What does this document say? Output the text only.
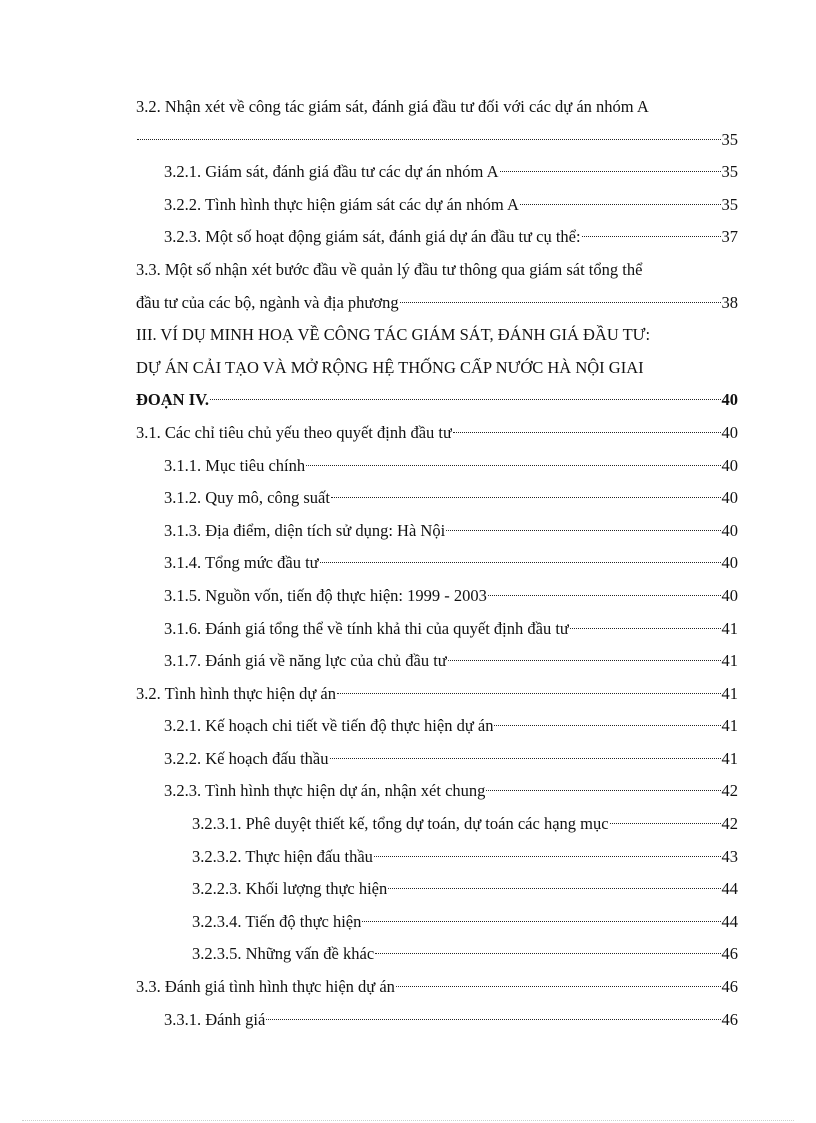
3.2. Nhận xét về công tác giám sát, đánh giá đầu tư đối với các dự án nhóm A
35
3.2.1. Giám sát, đánh giá đầu tư các dự án nhóm A	35
3.2.2. Tình hình thực hiện giám sát các dự án nhóm A	35
3.2.3. Một số hoạt động giám sát, đánh giá dự án đầu tư cụ thể:	37
3.3. Một số nhận xét bước đầu về quản lý đầu tư thông qua giám sát tổng thể
đầu tư của các bộ, ngành và địa phương	38
III. VÍ DỤ MINH HOẠ VỀ CÔNG TÁC GIÁM SÁT, ĐÁNH GIÁ ĐẦU TƯ:
DỰ ÁN CẢI TẠO VÀ MỞ RỘNG HỆ THỐNG CẤP NƯỚC HÀ NỘI GIAI
ĐOẠN IV.	40
3.1. Các chỉ tiêu chủ yếu theo quyết định đầu tư	40
3.1.1. Mục tiêu chính	40
3.1.2. Quy mô, công suất	40
3.1.3. Địa điểm, diện tích sử dụng: Hà Nội	40
3.1.4. Tổng mức đầu tư	40
3.1.5. Nguồn vốn, tiến độ thực hiện: 1999 - 2003	40
3.1.6. Đánh giá tổng thể về tính khả thi của quyết định đầu tư	41
3.1.7. Đánh giá về năng lực của chủ đầu tư	41
3.2. Tình hình thực hiện dự án	41
3.2.1. Kế hoạch chi tiết về tiến độ thực hiện dự án	41
3.2.2. Kế hoạch đấu thầu	41
3.2.3. Tình hình thực hiện dự án, nhận xét chung	42
3.2.3.1. Phê duyệt thiết kế, tổng dự toán, dự toán các hạng mục	42
3.2.3.2. Thực hiện đấu thầu	43
3.2.2.3. Khối lượng thực hiện	44
3.2.3.4. Tiến độ thực hiện	44
3.2.3.5. Những vấn đề khác	46
3.3. Đánh giá tình hình thực hiện dự án	46
3.3.1. Đánh giá	46
